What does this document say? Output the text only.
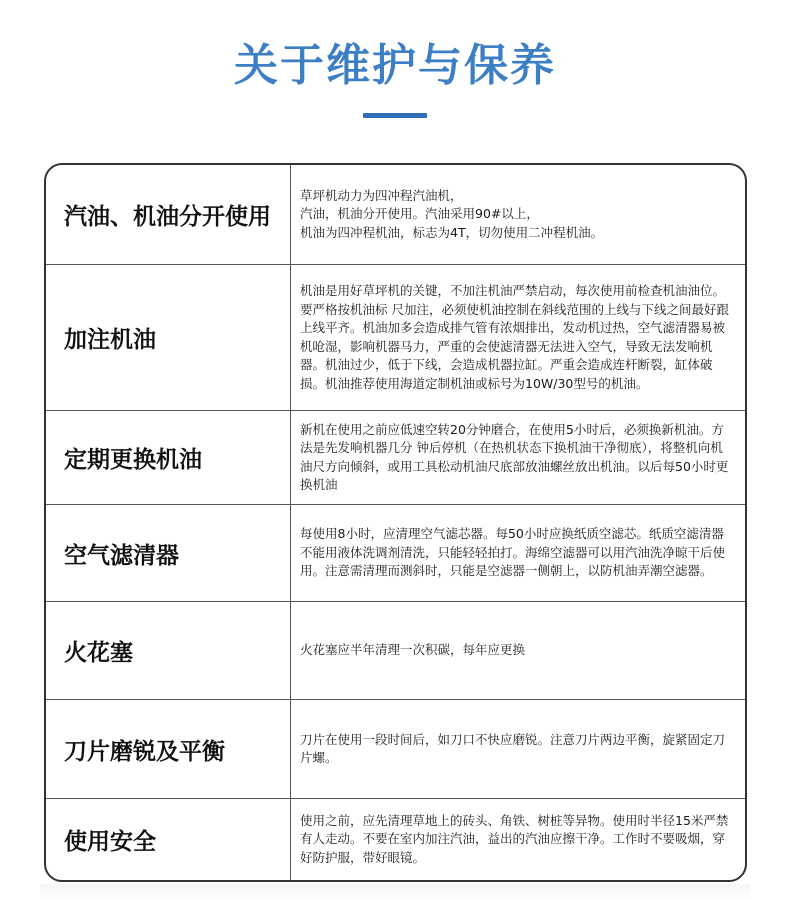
关于维护与保养
汽油、机油分开使用
草坪机动力为四冲程汽油机，
汽油，机油分开使用。汽油采用90#以上，
机油为四冲程机油，标志为4T，切勿使用二冲程机油。
加注机油
机油是用好草坪机的关键，不加注机油严禁启动，每次使用前检查机油油位。要严格按机油标 尺加注，必须使机油控制在斜线范围的上线与下线之间最好跟上线平齐。机油加多会造成排气管有浓烟排出，发动机过热，空气滤清器易被机呛湿，影响机器马力，严重的会使滤清器无法进入空气，导致无法发响机器。机油过少，低于下线，会造成机器拉缸。严重会造成连杆断裂，缸体破损。机油推荐使用海道定制机油或标号为10W/30型号的机油。
定期更换机油
新机在使用之前应低速空转20分钟磨合，在使用5小时后，必须换新机油。方法是先发响机器几分 钟后停机（在热机状态下换机油干净彻底），将整机向机油尺方向倾斜，或用工具松动机油尺底部放油螺丝放出机油。以后每50小时更换机油
空气滤清器
每使用8小时，应清理空气滤芯器。每50小时应换纸质空滤芯。纸质空滤清器不能用液体洗调剂清洗，只能轻轻拍打。海绵空滤器可以用汽油洗净晾干后使用。注意需清理而测斜时，只能是空滤器一侧朝上，以防机油弄潮空滤器。
火花塞	火花塞应半年清理一次积碳，每年应更换
刀片磨锐及平衡	刀片在使用一段时间后，如刀口不快应磨锐。注意刀片两边平衡，旋紧固定刀片螺。
使用安全
使用之前，应先清理草地上的砖头、角铁、树桩等异物。使用时半径15米严禁有人走动。不要在室内加注汽油，益出的汽油应擦干净。工作时不要吸烟，穿好防护服，带好眼镜。
